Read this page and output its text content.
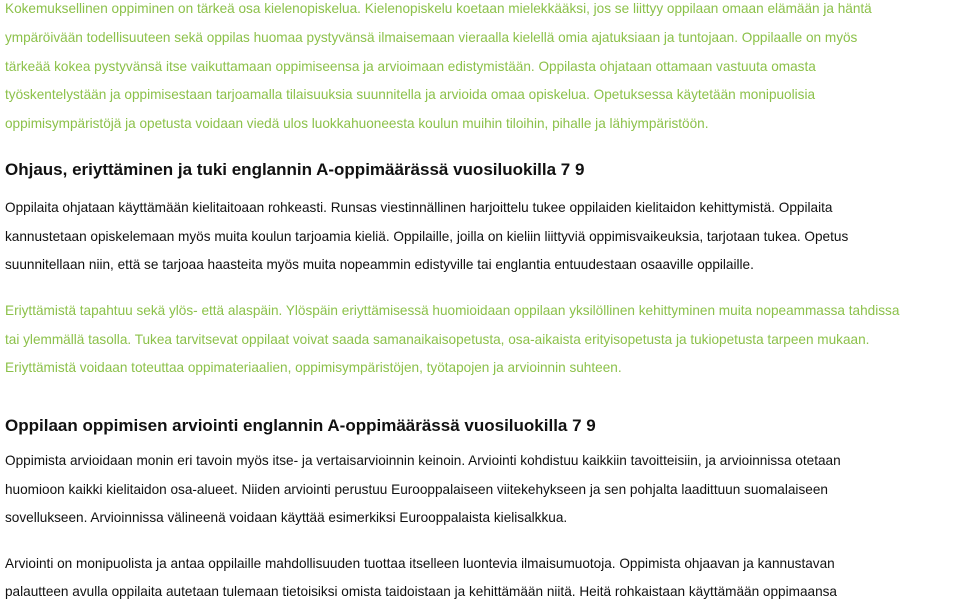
Kokemuksellinen oppiminen on tärkeä osa kielenopiskelua. Kielenopiskelu koetaan mielekkääksi, jos se liittyy oppilaan omaan elämään ja häntä
ympäröivään todellisuuteen sekä oppilas huomaa pystyvänsä ilmaisemaan vieraalla kielellä omia ajatuksiaan ja tuntojaan. Oppilaalle on myös
tärkeää kokea pystyvänsä itse vaikuttamaan oppimiseensa ja arvioimaan edistymistään. Oppilasta ohjataan ottamaan vastuuta omasta
työskentelystään ja oppimisestaan tarjoamalla tilaisuuksia suunnitella ja arvioida omaa opiskelua. Opetuksessa käytetään monipuolisia
oppimisympäristöjä ja opetusta voidaan viedä ulos luokkahuoneesta koulun muihin tiloihin, pihalle ja lähiympäristöön.
Ohjaus, eriyttäminen ja tuki englannin A-oppimäärässä vuosiluokilla 7 9
Oppilaita ohjataan käyttämään kielitaitoaan rohkeasti. Runsas viestinnällinen harjoittelu tukee oppilaiden kielitaidon kehittymistä. Oppilaita
kannustetaan opiskelemaan myös muita koulun tarjoamia kieliä. Oppilaille, joilla on kieliin liittyviä oppimisvaikeuksia, tarjotaan tukea. Opetus
suunnitellaan niin, että se tarjoaa haasteita myös muita nopeammin edistyville tai englantia entuudestaan osaaville oppilaille.
Eriyttämistä tapahtuu sekä ylös- että alaspäin. Ylöspäin eriyttämisessä huomioidaan oppilaan yksilöllinen kehittyminen muita nopeammassa tahdissa
tai ylemmällä tasolla. Tukea tarvitsevat oppilaat voivat saada samanaikaisopetusta, osa-aikaista erityisopetusta ja tukiopetusta tarpeen mukaan.
Eriyttämistä voidaan toteuttaa oppimateriaalien, oppimisympäristöjen, työtapojen ja arvioinnin suhteen.
Oppilaan oppimisen arviointi englannin A-oppimäärässä vuosiluokilla 7 9
Oppimista arvioidaan monin eri tavoin myös itse- ja vertaisarvioinnin keinoin. Arviointi kohdistuu kaikkiin tavoitteisiin, ja arvioinnissa otetaan
huomioon kaikki kielitaidon osa-alueet. Niiden arviointi perustuu Eurooppalaiseen viitekehykseen ja sen pohjalta laadittuun suomalaiseen
sovellukseen. Arvioinnissa välineenä voidaan käyttää esimerkiksi Eurooppalaista kielisalkkua.
Arviointi on monipuolista ja antaa oppilaille mahdollisuuden tuottaa itselleen luontevia ilmaisumuotoja. Oppimista ohjaavan ja kannustavan
palautteen avulla oppilaita autetaan tulemaan tietoisiksi omista taidoistaan ja kehittämään niitä. Heitä rohkaistaan käyttämään oppimaansa
